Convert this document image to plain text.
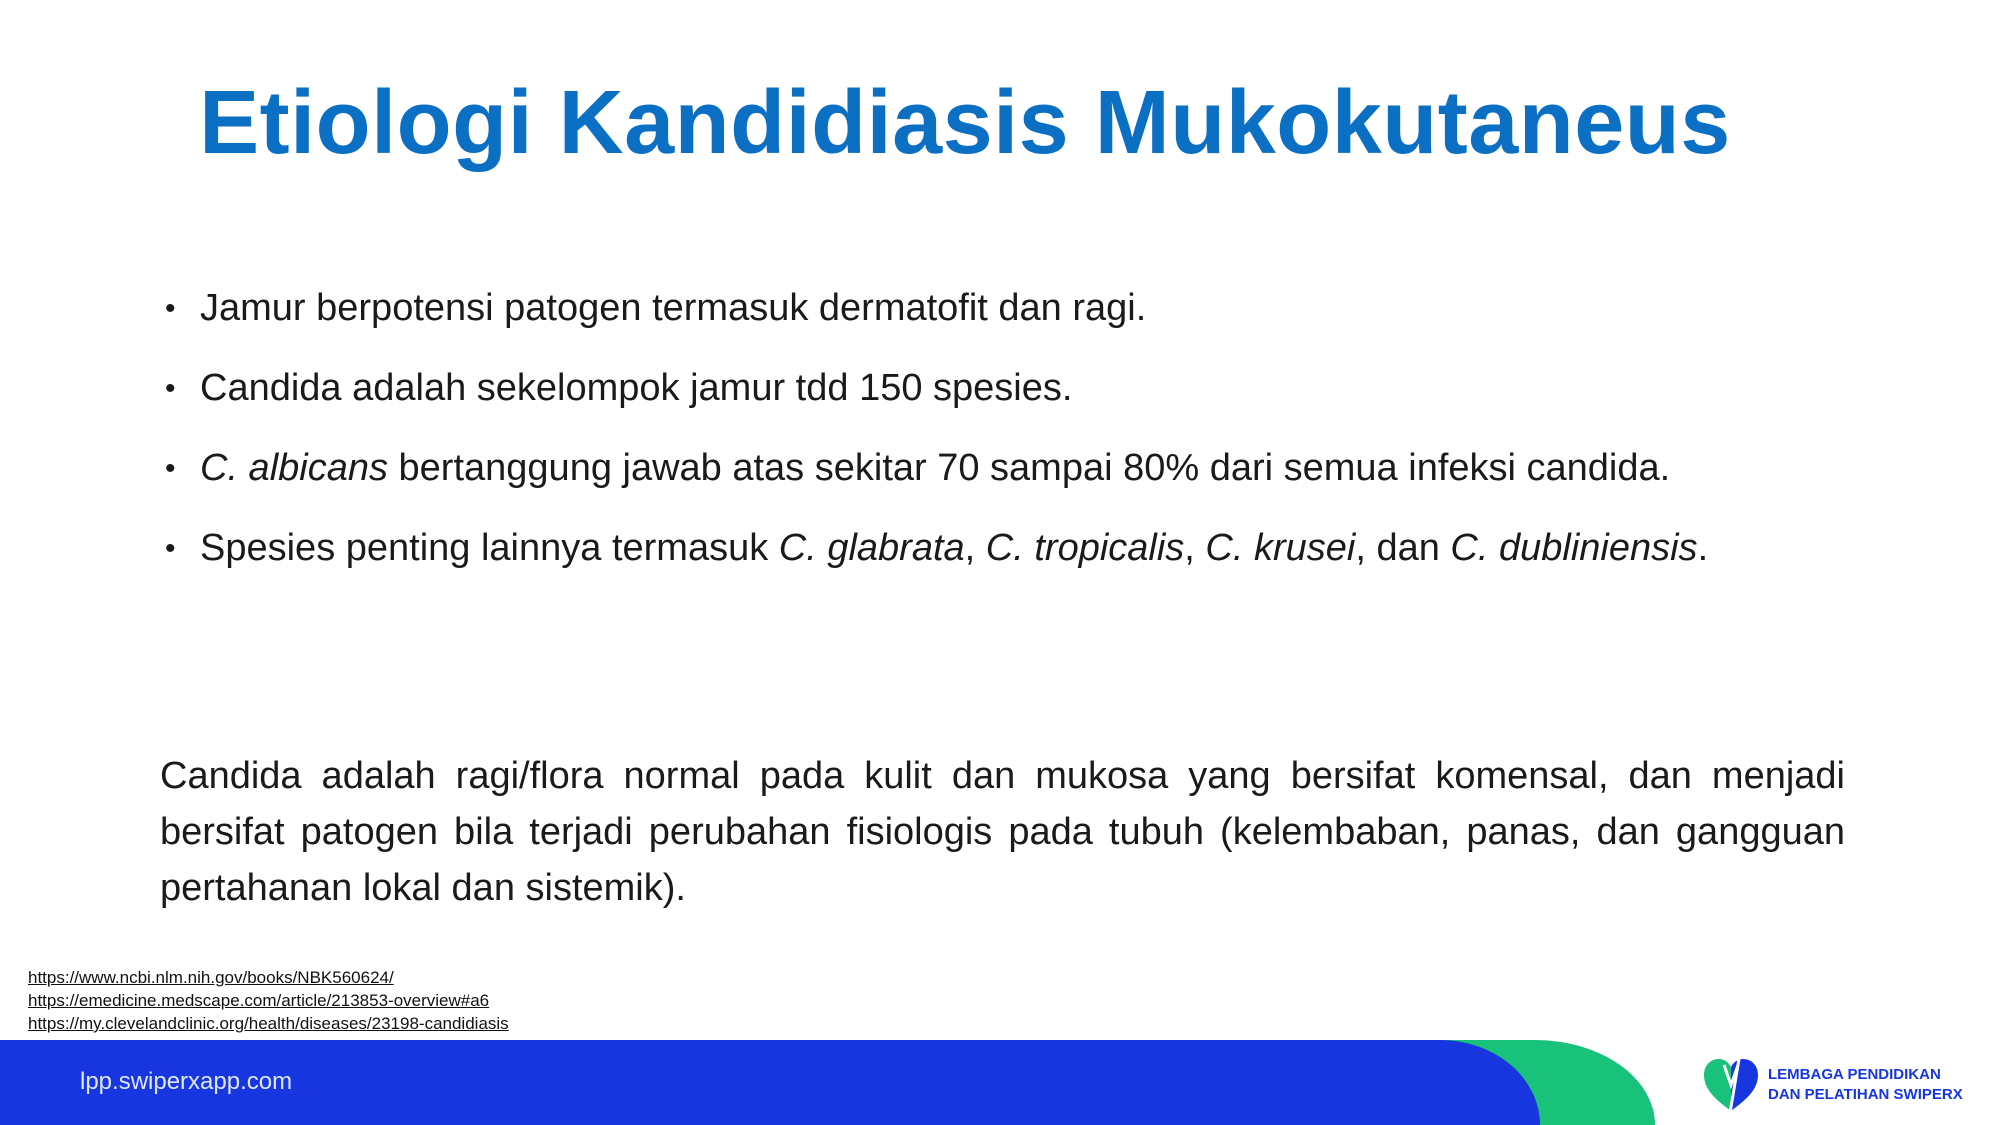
Etiologi Kandidiasis Mukokutaneus
• Jamur berpotensi patogen termasuk dermatofit dan ragi.
• Candida adalah sekelompok jamur tdd 150 spesies.
• C. albicans bertanggung jawab atas sekitar 70 sampai 80% dari semua infeksi candida.
• Spesies penting lainnya termasuk C. glabrata, C. tropicalis, C. krusei, dan C. dubliniensis.

Candida adalah ragi/flora normal pada kulit dan mukosa yang bersifat komensal, dan menjadi bersifat patogen bila terjadi perubahan fisiologis pada tubuh (kelembaban, panas, dan gangguan pertahanan lokal dan sistemik).

https://www.ncbi.nlm.nih.gov/books/NBK560624/
https://emedicine.medscape.com/article/213853-overview#a6
https://my.clevelandclinic.org/health/diseases/23198-candidiasis
lpp.swiperxapp.com	LEMBAGA PENDIDIKAN
DAN PELATIHAN SWIPERX
